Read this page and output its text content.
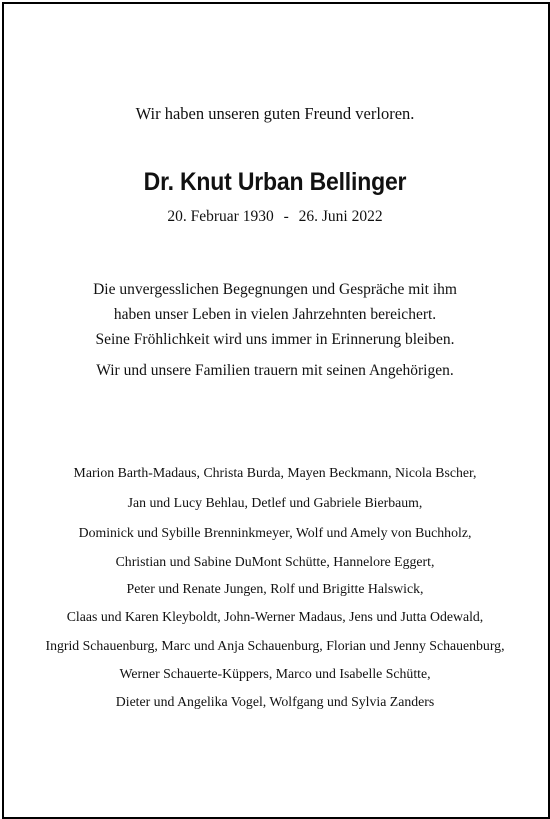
Wir haben unseren guten Freund verloren.
Dr. Knut Urban Bellinger
20. Februar 1930 - 26. Juni 2022
Die unvergesslichen Begegnungen und Gespräche mit ihm
haben unser Leben in vielen Jahrzehnten bereichert.
Seine Fröhlichkeit wird uns immer in Erinnerung bleiben.
Wir und unsere Familien trauern mit seinen Angehörigen.
Marion Barth-Madaus, Christa Burda, Mayen Beckmann, Nicola Bscher,
Jan und Lucy Behlau, Detlef und Gabriele Bierbaum,
Dominick und Sybille Brenninkmeyer, Wolf und Amely von Buchholz,
Christian und Sabine DuMont Schütte, Hannelore Eggert,
Peter und Renate Jungen, Rolf und Brigitte Halswick,
Claas und Karen Kleyboldt, John-Werner Madaus, Jens und Jutta Odewald,
Ingrid Schauenburg, Marc und Anja Schauenburg, Florian und Jenny Schauenburg,
Werner Schauerte-Küppers, Marco und Isabelle Schütte,
Dieter und Angelika Vogel, Wolfgang und Sylvia Zanders
